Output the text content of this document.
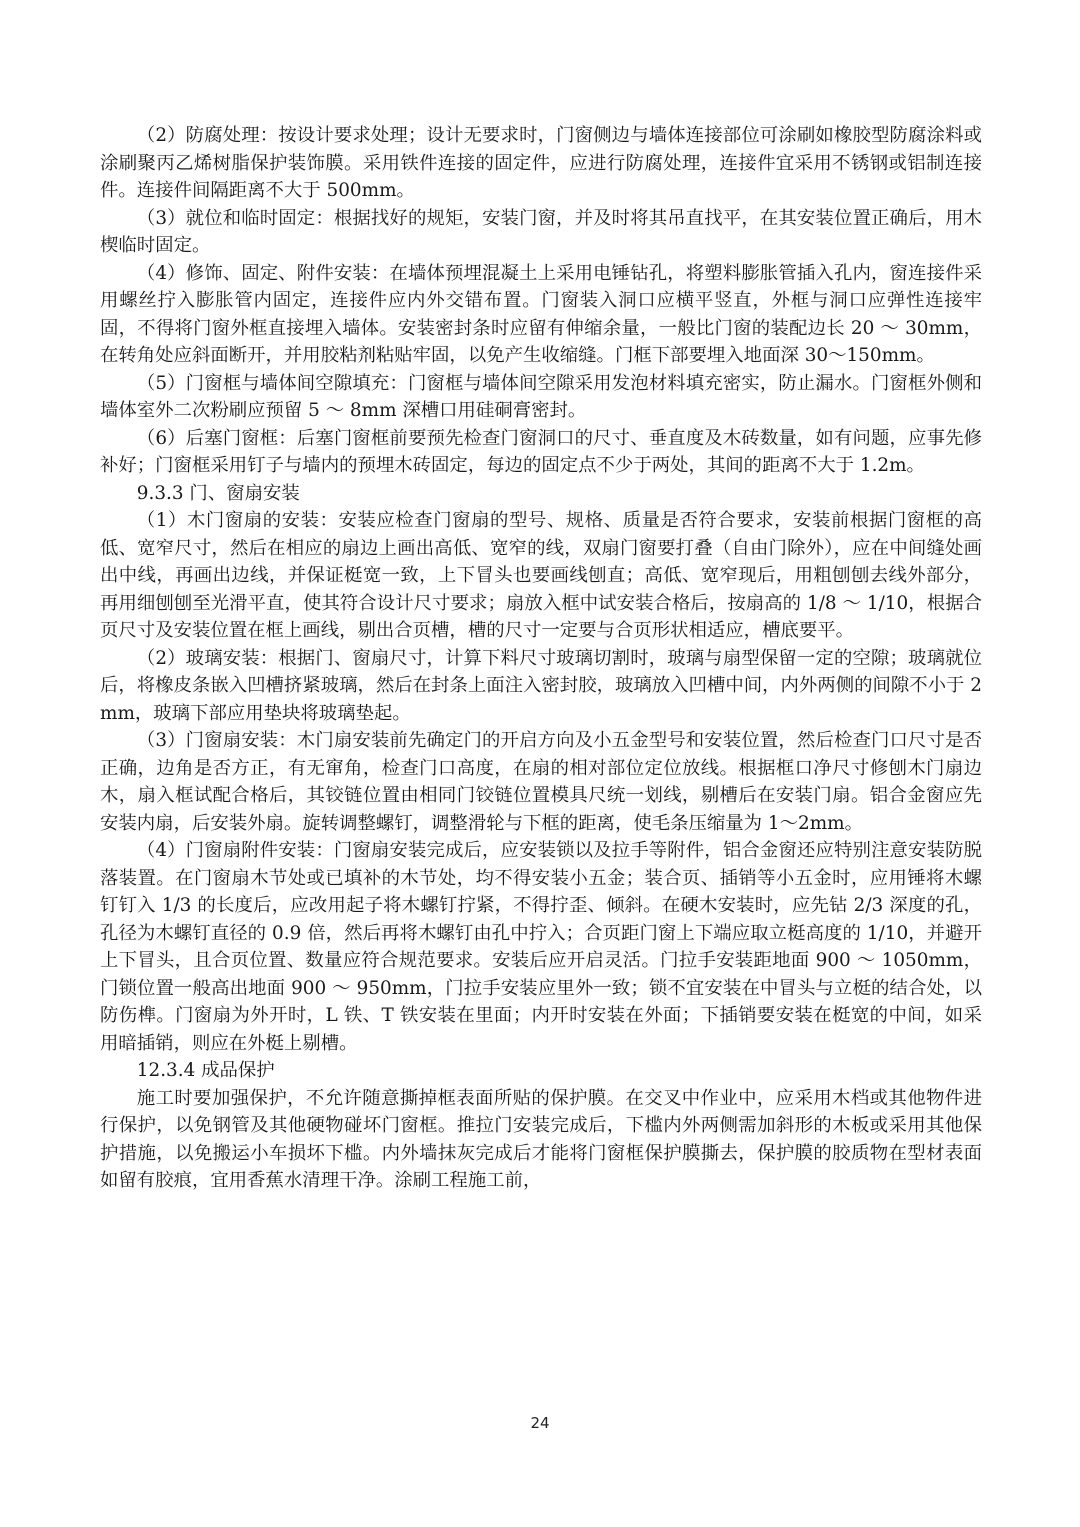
（2）防腐处理：按设计要求处理；设计无要求时，门窗侧边与墙体连接部位可涂刷如橡胶型防腐涂料或涂刷聚丙乙烯树脂保护装饰膜。采用铁件连接的固定件，应进行防腐处理，连接件宜采用不锈钢或铝制连接件。连接件间隔距离不大于 500mm。

（3）就位和临时固定：根据找好的规矩，安装门窗，并及时将其吊直找平，在其安装位置正确后，用木楔临时固定。

（4）修饰、固定、附件安装：在墙体预埋混凝土上采用电锤钻孔，将塑料膨胀管插入孔内，窗连接件采用螺丝拧入膨胀管内固定，连接件应内外交错布置。门窗装入洞口应横平竖直，外框与洞口应弹性连接牢固，不得将门窗外框直接埋入墙体。安装密封条时应留有伸缩余量，一般比门窗的装配边长 20 ～ 30mm，在转角处应斜面断开，并用胶粘剂粘贴牢固，以免产生收缩缝。门框下部要埋入地面深 30～150mm。

（5）门窗框与墙体间空隙填充：门窗框与墙体间空隙采用发泡材料填充密实，防止漏水。门窗框外侧和墙体室外二次粉刷应预留 5 ～ 8mm 深槽口用硅硐膏密封。

（6）后塞门窗框：后塞门窗框前要预先检查门窗洞口的尺寸、垂直度及木砖数量，如有问题，应事先修补好；门窗框采用钉子与墙内的预埋木砖固定，每边的固定点不少于两处，其间的距离不大于 1.2m。

9.3.3 门、窗扇安装

（1）木门窗扇的安装：安装应检查门窗扇的型号、规格、质量是否符合要求，安装前根据门窗框的高低、宽窄尺寸，然后在相应的扇边上画出高低、宽窄的线，双扇门窗要打叠（自由门除外），应在中间缝处画出中线，再画出边线，并保证梃宽一致，上下冒头也要画线刨直；高低、宽窄现后，用粗刨刨去线外部分，再用细刨刨至光滑平直，使其符合设计尺寸要求；扇放入框中试安装合格后，按扇高的 1/8 ～ 1/10，根据合页尺寸及安装位置在框上画线，剔出合页槽，槽的尺寸一定要与合页形状相适应，槽底要平。

（2）玻璃安装：根据门、窗扇尺寸，计算下料尺寸玻璃切割时，玻璃与扇型保留一定的空隙；玻璃就位后，将橡皮条嵌入凹槽挤紧玻璃，然后在封条上面注入密封胶，玻璃放入凹槽中间，内外两侧的间隙不小于 2mm，玻璃下部应用垫块将玻璃垫起。

（3）门窗扇安装：木门扇安装前先确定门的开启方向及小五金型号和安装位置，然后检查门口尺寸是否正确，边角是否方正，有无窜角，检查门口高度，在扇的相对部位定位放线。根据框口净尺寸修刨木门扇边木，扇入框试配合格后，其铰链位置由相同门铰链位置模具尺统一划线，剔槽后在安装门扇。铝合金窗应先安装内扇，后安装外扇。旋转调整螺钉，调整滑轮与下框的距离，使毛条压缩量为 1～2mm。

（4）门窗扇附件安装：门窗扇安装完成后，应安装锁以及拉手等附件，铝合金窗还应特别注意安装防脱落装置。在门窗扇木节处或已填补的木节处，均不得安装小五金；装合页、插销等小五金时，应用锤将木螺钉钉入 1/3 的长度后，应改用起子将木螺钉拧紧，不得拧歪、倾斜。在硬木安装时，应先钻 2/3 深度的孔，孔径为木螺钉直径的 0.9 倍，然后再将木螺钉由孔中拧入；合页距门窗上下端应取立梃高度的 1/10，并避开上下冒头，且合页位置、数量应符合规范要求。安装后应开启灵活。门拉手安装距地面 900 ～ 1050mm，门锁位置一般高出地面 900 ～ 950mm，门拉手安装应里外一致；锁不宜安装在中冒头与立梃的结合处，以防伤榫。门窗扇为外开时，L 铁、T 铁安装在里面；内开时安装在外面；下插销要安装在梃宽的中间，如采用暗插销，则应在外梃上剔槽。

12.3.4 成品保护

施工时要加强保护，不允许随意撕掉框表面所贴的保护膜。在交叉中作业中，应采用木档或其他物件进行保护，以免钢管及其他硬物碰坏门窗框。推拉门安装完成后，下槛内外两侧需加斜形的木板或采用其他保护措施，以免搬运小车损坏下槛。内外墙抹灰完成后才能将门窗框保护膜撕去，保护膜的胶质物在型材表面如留有胶痕，宜用香蕉水清理干净。涂刷工程施工前，

24
